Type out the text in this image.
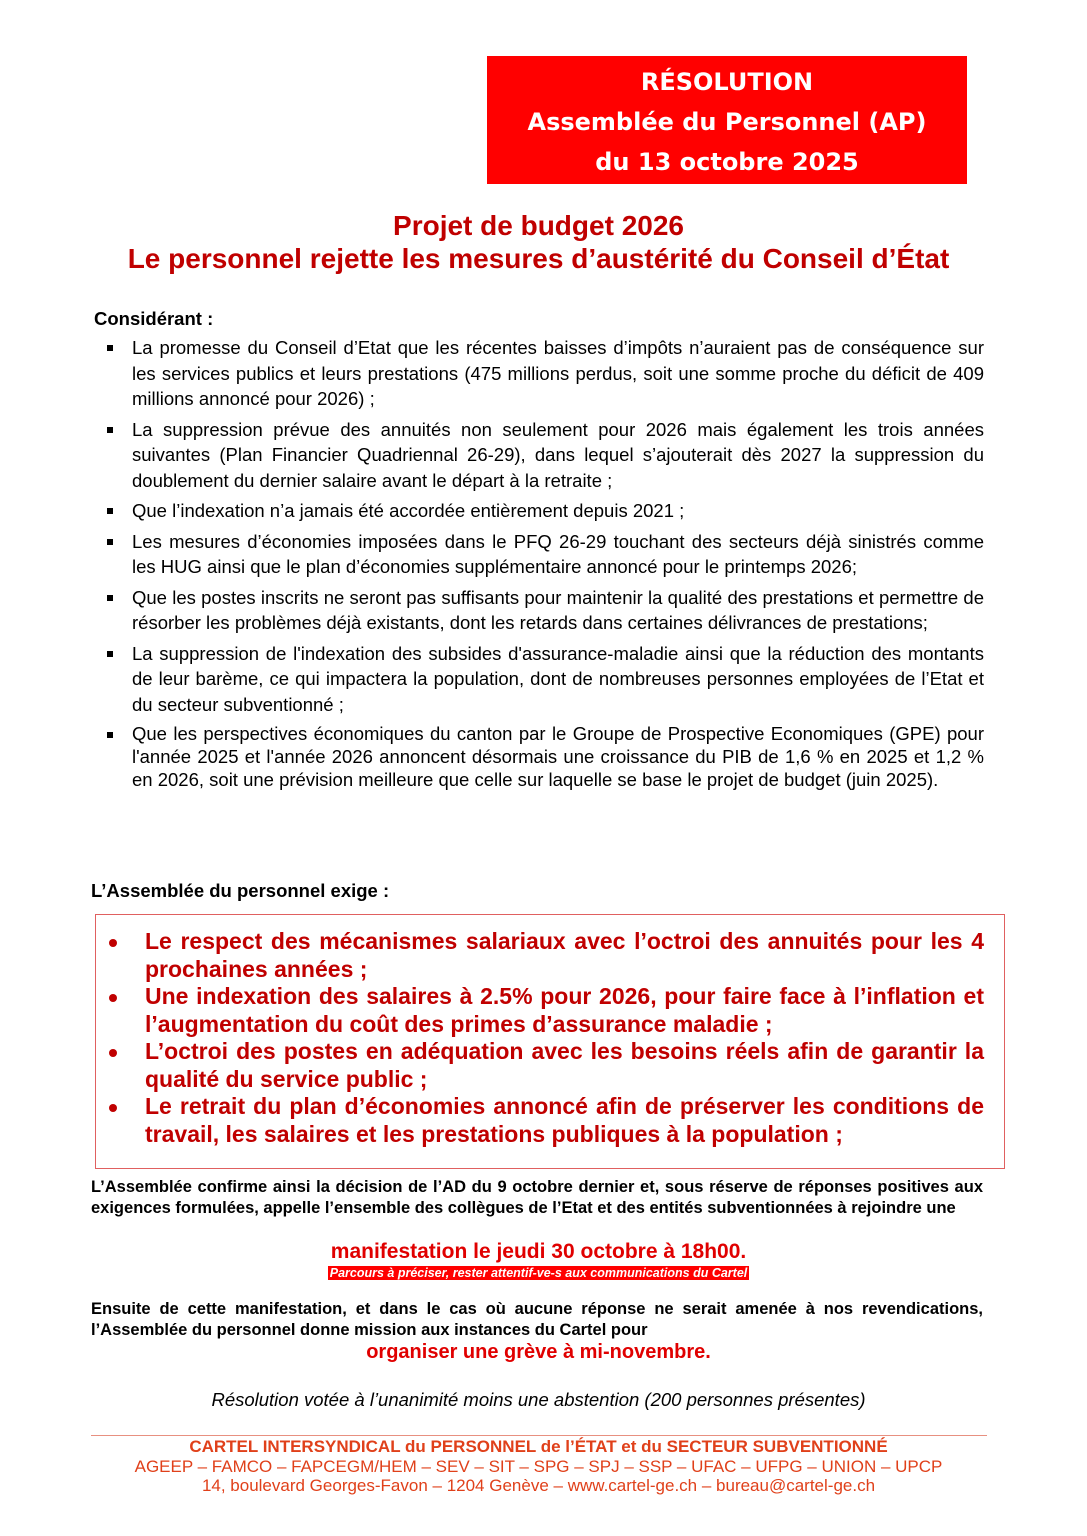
RÉSOLUTION
Assemblée du Personnel (AP)
du 13 octobre 2025
Projet de budget 2026
Le personnel rejette les mesures d’austérité du Conseil d’État
Considérant :
La promesse du Conseil d’Etat que les récentes baisses d’impôts n’auraient pas de conséquence sur les services publics et leurs prestations (475 millions perdus, soit une somme proche du déficit de 409 millions annoncé pour 2026) ;
La suppression prévue des annuités non seulement pour 2026 mais également les trois années suivantes (Plan Financier Quadriennal 26-29), dans lequel s’ajouterait dès 2027 la suppression du doublement du dernier salaire avant le départ à la retraite ;
Que l’indexation n’a jamais été accordée entièrement depuis 2021 ;
Les mesures d’économies imposées dans le PFQ 26-29 touchant des secteurs déjà sinistrés comme les HUG ainsi que le plan d’économies supplémentaire annoncé pour le printemps 2026;
Que les postes inscrits ne seront pas suffisants pour maintenir la qualité des prestations et permettre de résorber les problèmes déjà existants, dont les retards dans certaines délivrances de prestations;
La suppression de l'indexation des subsides d'assurance-maladie ainsi que la réduction des montants de leur barème, ce qui impactera la population, dont de nombreuses personnes employées de l’Etat et du secteur subventionné ;
Que les perspectives économiques du canton par le Groupe de Prospective Economiques (GPE) pour l'année 2025 et l'année 2026 annoncent désormais une croissance du PIB de 1,6 % en 2025 et 1,2 % en 2026, soit une prévision meilleure que celle sur laquelle se base le projet de budget (juin 2025).
L’Assemblée du personnel exige :
Le respect des mécanismes salariaux avec l’octroi des annuités pour les 4 prochaines années ;
Une indexation des salaires à 2.5% pour 2026, pour faire face à l’inflation et l’augmentation du coût des primes d’assurance maladie ;
L’octroi des postes en adéquation avec les besoins réels afin de garantir la qualité du service public ;
Le retrait du plan d’économies annoncé afin de préserver les conditions de travail, les salaires et les prestations publiques à la population ;
L’Assemblée confirme ainsi la décision de l’AD du 9 octobre dernier et, sous réserve de réponses positives aux exigences formulées, appelle l’ensemble des collègues de l’Etat et des entités subventionnées à rejoindre une
manifestation le jeudi 30 octobre à 18h00.
Parcours à préciser, rester attentif-ve-s aux communications du Cartel
Ensuite de cette manifestation, et dans le cas où aucune réponse ne serait amenée à nos revendications, l’Assemblée du personnel donne mission aux instances du Cartel pour
organiser une grève à mi-novembre.
Résolution votée à l’unanimité moins une abstention (200 personnes présentes)
CARTEL INTERSYNDICAL du PERSONNEL de l’ÉTAT et du SECTEUR SUBVENTIONNÉ
AGEEP – FAMCO – FAPCEGM/HEM – SEV – SIT – SPG – SPJ – SSP – UFAC – UFPG – UNION – UPCP
14, boulevard Georges-Favon – 1204 Genève – www.cartel-ge.ch – bureau@cartel-ge.ch
